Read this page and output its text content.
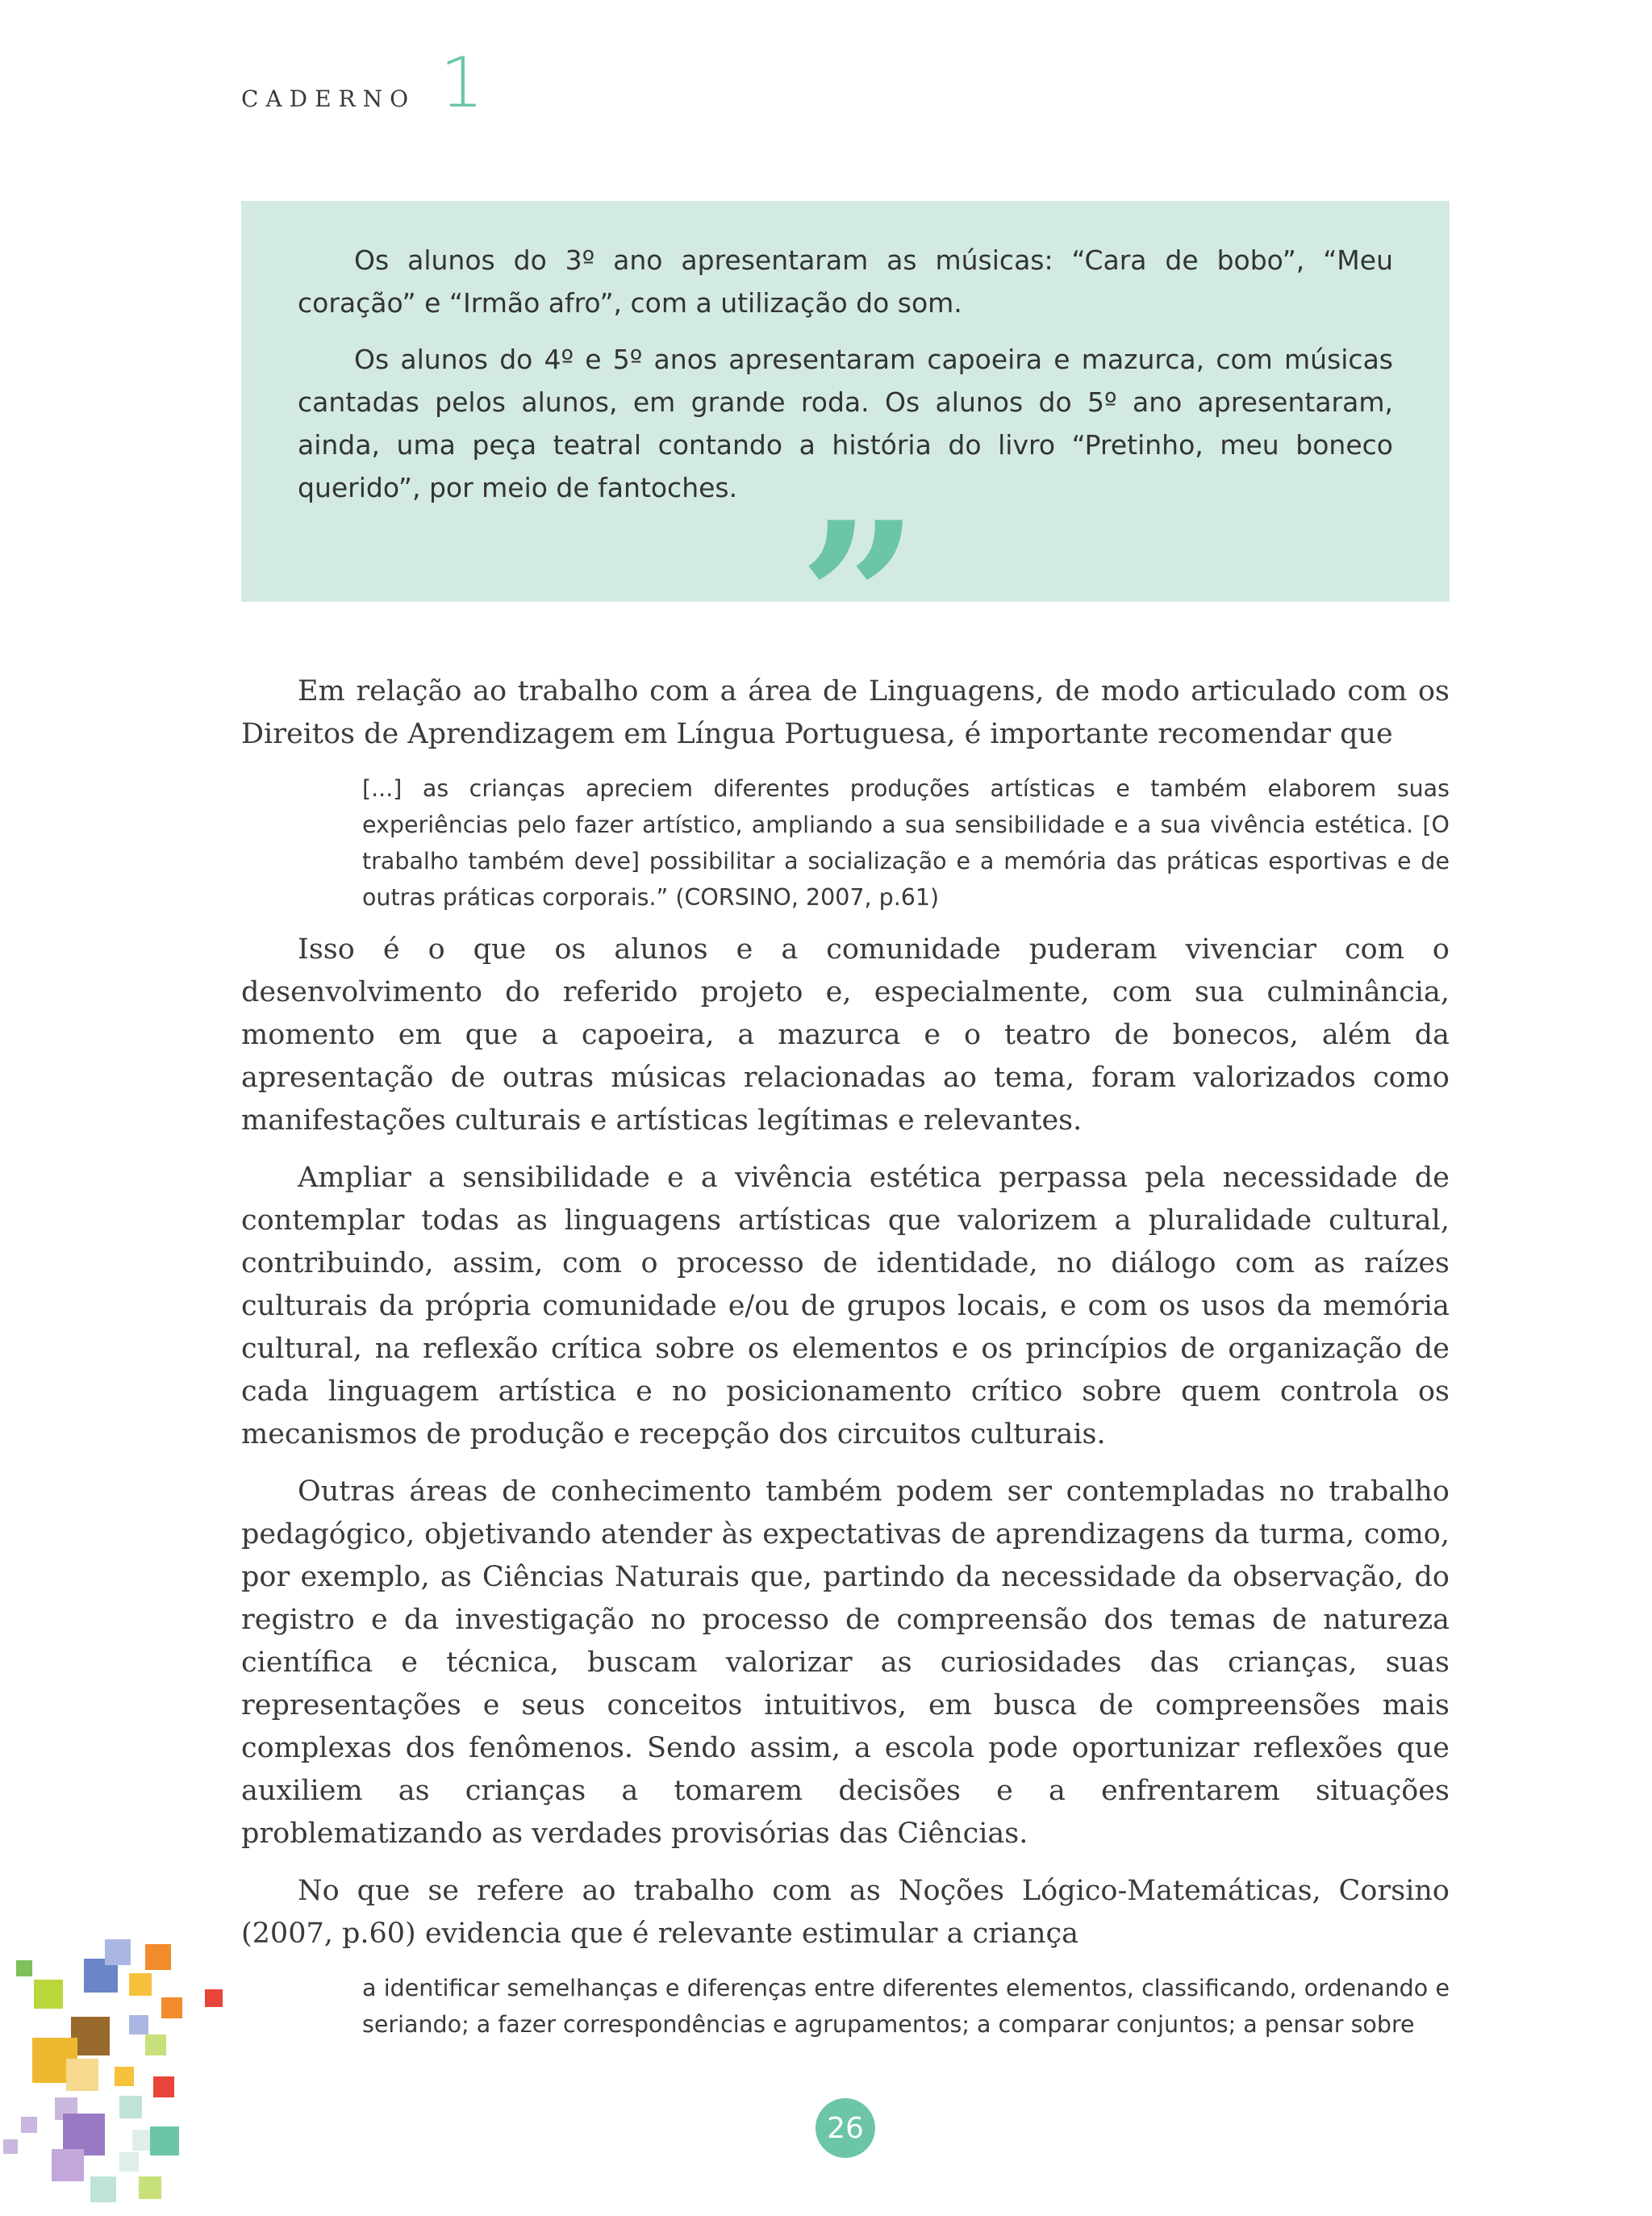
CADERNO 1

Os alunos do 3º ano apresentaram as músicas: “Cara de bobo”, “Meu coração” e “Irmão afro”, com a utilização do som.

Os alunos do 4º e 5º anos apresentaram capoeira e mazurca, com músicas cantadas pelos alunos, em grande roda. Os alunos do 5º ano apresentaram, ainda, uma peça teatral contando a história do livro “Pretinho, meu boneco querido”, por meio de fantoches. ”

Em relação ao trabalho com a área de Linguagens, de modo articulado com os Direitos de Aprendizagem em Língua Portuguesa, é importante recomendar que

[...] as crianças apreciem diferentes produções artísticas e também elaborem suas experiências pelo fazer artístico, ampliando a sua sensibilidade e a sua vivência estética. [O trabalho também deve] possibilitar a socialização e a memória das práticas esportivas e de outras práticas corporais.” (CORSINO, 2007, p.61)

Isso é o que os alunos e a comunidade puderam vivenciar com o desenvolvimento do referido projeto e, especialmente, com sua culminância, momento em que a capoeira, a mazurca e o teatro de bonecos, além da apresentação de outras músicas relacionadas ao tema, foram valorizados como manifestações culturais e artísticas legítimas e relevantes.

Ampliar a sensibilidade e a vivência estética perpassa pela necessidade de contemplar todas as linguagens artísticas que valorizem a pluralidade cultural, contribuindo, assim, com o processo de identidade, no diálogo com as raízes culturais da própria comunidade e/ou de grupos locais, e com os usos da memória cultural, na reflexão crítica sobre os elementos e os princípios de organização de cada linguagem artística e no posicionamento crítico sobre quem controla os mecanismos de produção e recepção dos circuitos culturais.

Outras áreas de conhecimento também podem ser contempladas no trabalho pedagógico, objetivando atender às expectativas de aprendizagens da turma, como, por exemplo, as Ciências Naturais que, partindo da necessidade da observação, do registro e da investigação no processo de compreensão dos temas de natureza científica e técnica, buscam valorizar as curiosidades das crianças, suas representações e seus conceitos intuitivos, em busca de compreensões mais complexas dos fenômenos. Sendo assim, a escola pode oportunizar reflexões que auxiliem as crianças a tomarem decisões e a enfrentarem situações problematizando as verdades provisórias das Ciências.

No que se refere ao trabalho com as Noções Lógico-Matemáticas, Corsino (2007, p.60) evidencia que é relevante estimular a criança

a identificar semelhanças e diferenças entre diferentes elementos, classificando, ordenando e seriando; a fazer correspondências e agrupamentos; a comparar conjuntos; a pensar sobre
26
